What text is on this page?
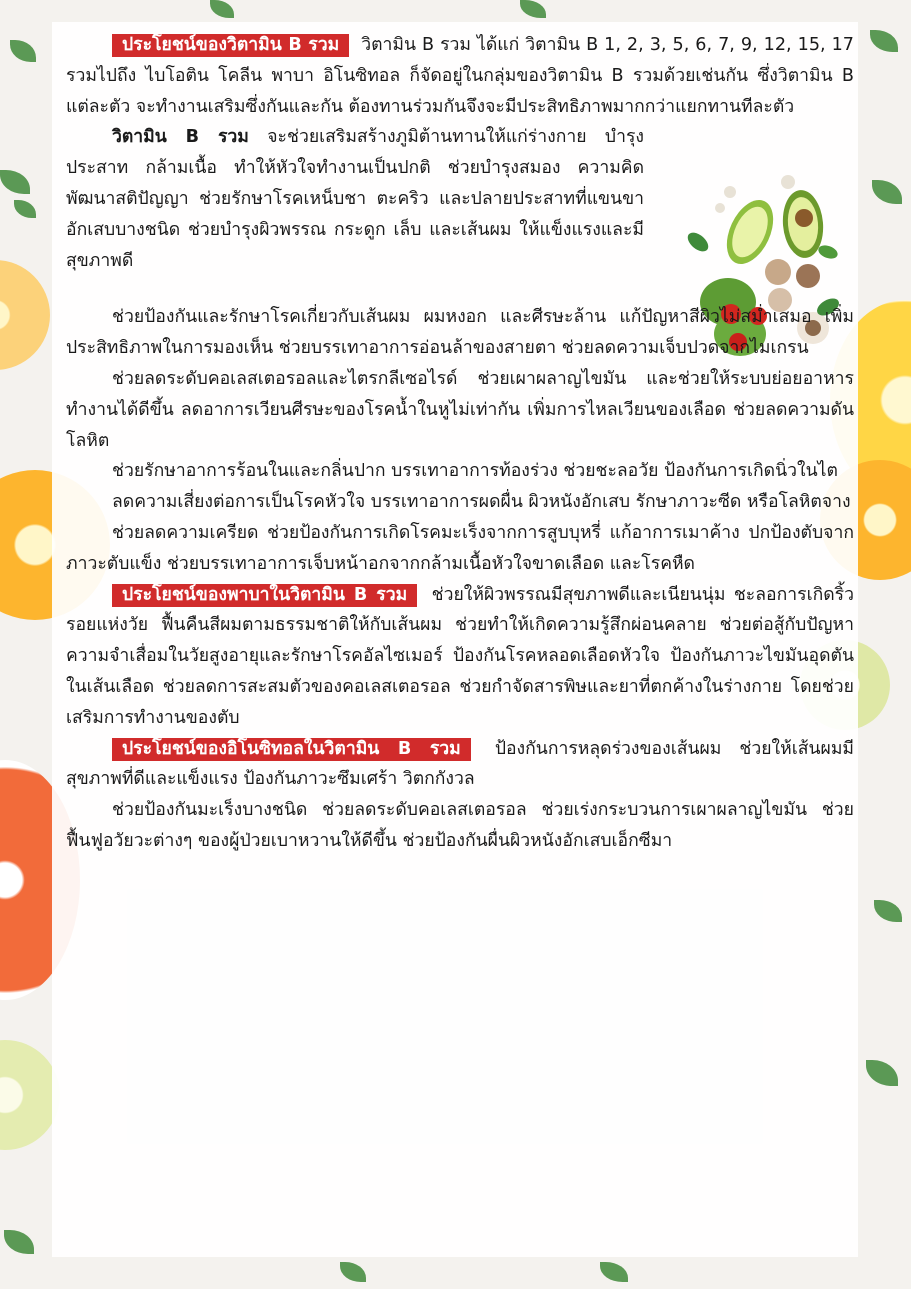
ประโยชน์ของวิตามิน B รวม วิตามิน B รวม ได้แก่ วิตามิน B 1, 2, 3, 5, 6, 7, 9, 12, 15, 17 รวมไปถึง ไบโอติน โคลีน พาบา อิโนซิทอล ก็จัดอยู่ในกลุ่มของวิตามิน B รวมด้วยเช่นกัน ซึ่งวิตามิน B แต่ละตัว จะทำงานเสริมซึ่งกันและกัน ต้องทานร่วมกันจึงจะมีประสิทธิภาพมากกว่าแยกทานทีละตัว

วิตามิน B รวม จะช่วยเสริมสร้างภูมิต้านทานให้แก่ร่างกาย บำรุงประสาท กล้ามเนื้อ ทำให้หัวใจทำงานเป็นปกติ ช่วยบำรุงสมอง ความคิด พัฒนาสติปัญญา ช่วยรักษาโรคเหน็บชา ตะคริว และปลายประสาทที่แขนขาอักเสบบางชนิด ช่วยบำรุงผิวพรรณ กระดูก เล็บ และเส้นผม ให้แข็งแรงและมีสุขภาพดี

ช่วยป้องกันและรักษาโรคเกี่ยวกับเส้นผม ผมหงอก และศีรษะล้าน แก้ปัญหาสีผิวไม่สม่ำเสมอ เพิ่มประสิทธิภาพในการมองเห็น ช่วยบรรเทาอาการอ่อนล้าของสายตา ช่วยลดความเจ็บปวดจากไมเกรน

ช่วยลดระดับคอเลสเตอรอลและไตรกลีเซอไรด์ ช่วยเผาผลาญไขมัน และช่วยให้ระบบย่อยอาหารทำงานได้ดีขึ้น ลดอาการเวียนศีรษะของโรคน้ำในหูไม่เท่ากัน เพิ่มการไหลเวียนของเลือด ช่วยลดความดันโลหิต

ช่วยรักษาอาการร้อนในและกลิ่นปาก บรรเทาอาการท้องร่วง ช่วยชะลอวัย ป้องกันการเกิดนิ่วในไต

ลดความเสี่ยงต่อการเป็นโรคหัวใจ บรรเทาอาการผดผื่น ผิวหนังอักเสบ รักษาภาวะซีด หรือโลหิตจาง

ช่วยลดความเครียด ช่วยป้องกันการเกิดโรคมะเร็งจากการสูบบุหรี่ แก้อาการเมาค้าง ปกป้องตับจากภาวะตับแข็ง ช่วยบรรเทาอาการเจ็บหน้าอกจากกล้ามเนื้อหัวใจขาดเลือด และโรคหืด

ประโยชน์ของพาบาในวิตามิน B รวม ช่วยให้ผิวพรรณมีสุขภาพดีและเนียนนุ่ม ชะลอการเกิดริ้วรอยแห่งวัย ฟื้นคืนสีผมตามธรรมชาติให้กับเส้นผม ช่วยทำให้เกิดความรู้สึกผ่อนคลาย ช่วยต่อสู้กับปัญหาความจำเสื่อมในวัยสูงอายุและรักษาโรคอัลไซเมอร์ ป้องกันโรคหลอดเลือดหัวใจ ป้องกันภาวะไขมันอุดตันในเส้นเลือด ช่วยลดการสะสมตัวของคอเลสเตอรอล ช่วยกำจัดสารพิษและยาที่ตกค้างในร่างกาย โดยช่วยเสริมการทำงานของตับ

ประโยชน์ของอิโนซิทอลในวิตามิน B รวม ป้องกันการหลุดร่วงของเส้นผม ช่วยให้เส้นผมมีสุขภาพที่ดีและแข็งแรง ป้องกันภาวะซึมเศร้า วิตกกังวล

ช่วยป้องกันมะเร็งบางชนิด ช่วยลดระดับคอเลสเตอรอล ช่วยเร่งกระบวนการเผาผลาญไขมัน ช่วยฟื้นฟูอวัยวะต่างๆ ของผู้ป่วยเบาหวานให้ดีขึ้น ช่วยป้องกันผื่นผิวหนังอักเสบเอ็กซีมา
